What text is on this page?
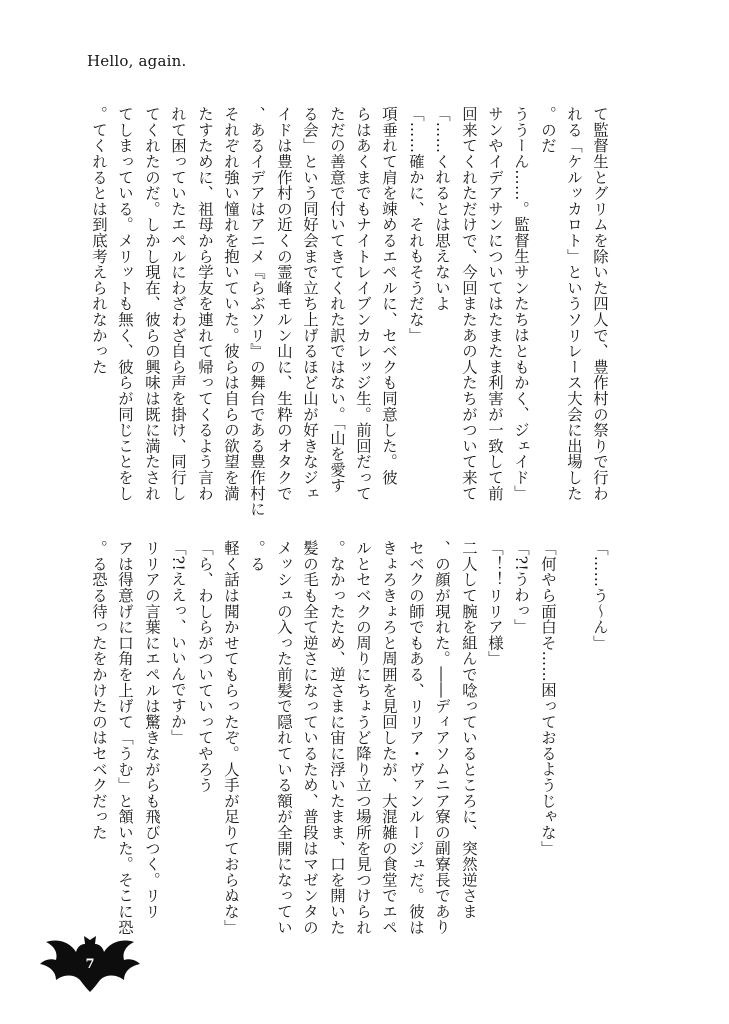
Hello, again.
て監督生とグリムを除いた四人で、豊作村の祭りで行わ
れる「ケルッカロト」というソリレース大会に出場した
のだ。
「ううーん……。監督生サンたちはともかく、ジェイド
サンやイデアサンについてはたまたま利害が一致して前
回来てくれただけで、今回またあの人たちがついて来て
くれるとは思えないよ……」
「確かに、それもそうだな……」
　項垂れて肩を竦めるエペルに、セベクも同意した。彼
らはあくまでもナイトレイブンカレッジ生。前回だって
ただの善意で付いてきてくれた訳ではない。「山を愛す
る会」という同好会まで立ち上げるほど山が好きなジェ
イドは豊作村の近くの霊峰モルン山に、生粋のオタクで
あるイデアはアニメ『らぶソリ』の舞台である豊作村に、
それぞれ強い憧れを抱いていた。彼らは自らの欲望を満
たすために、祖母から学友を連れて帰ってくるよう言わ
れて困っていたエペルにわざわざ自ら声を掛け、同行し
てくれたのだ。しかし現在、彼らの興味は既に満たされ
てしまっている。メリットも無く、彼らが同じことをし
てくれるとは到底考えられなかった。
「う〜ん……」
「何やら面白そ……困っておるようじゃな」
「うわっ!?」
「リリア様！！」
　二人して腕を組んで唸っているところに、突然逆さま
の顔が現れた。――ディアソムニア寮の副寮長であり、
セベクの師でもある、リリア・ヴァンルージュだ。彼は
きょろきょろと周囲を見回したが、大混雑の食堂でエペ
ルとセベクの周りにちょうど降り立つ場所を見つけられ
なかったため、逆さまに宙に浮いたまま、口を開いた。
髪の毛も全て逆さになっているため、普段はマゼンタの
メッシュの入った前髪で隠れている額が全開になってい
る。
「軽く話は聞かせてもらったぞ。人手が足りておらぬな
ら、わしらがついていってやろう」
「ええっ、いいんですか!?」
　リリアの言葉にエペルは驚きながらも飛びつく。リリ
アは得意げに口角を上げて「うむ」と頷いた。そこに恐
る恐る待ったをかけたのはセベクだった。
7
